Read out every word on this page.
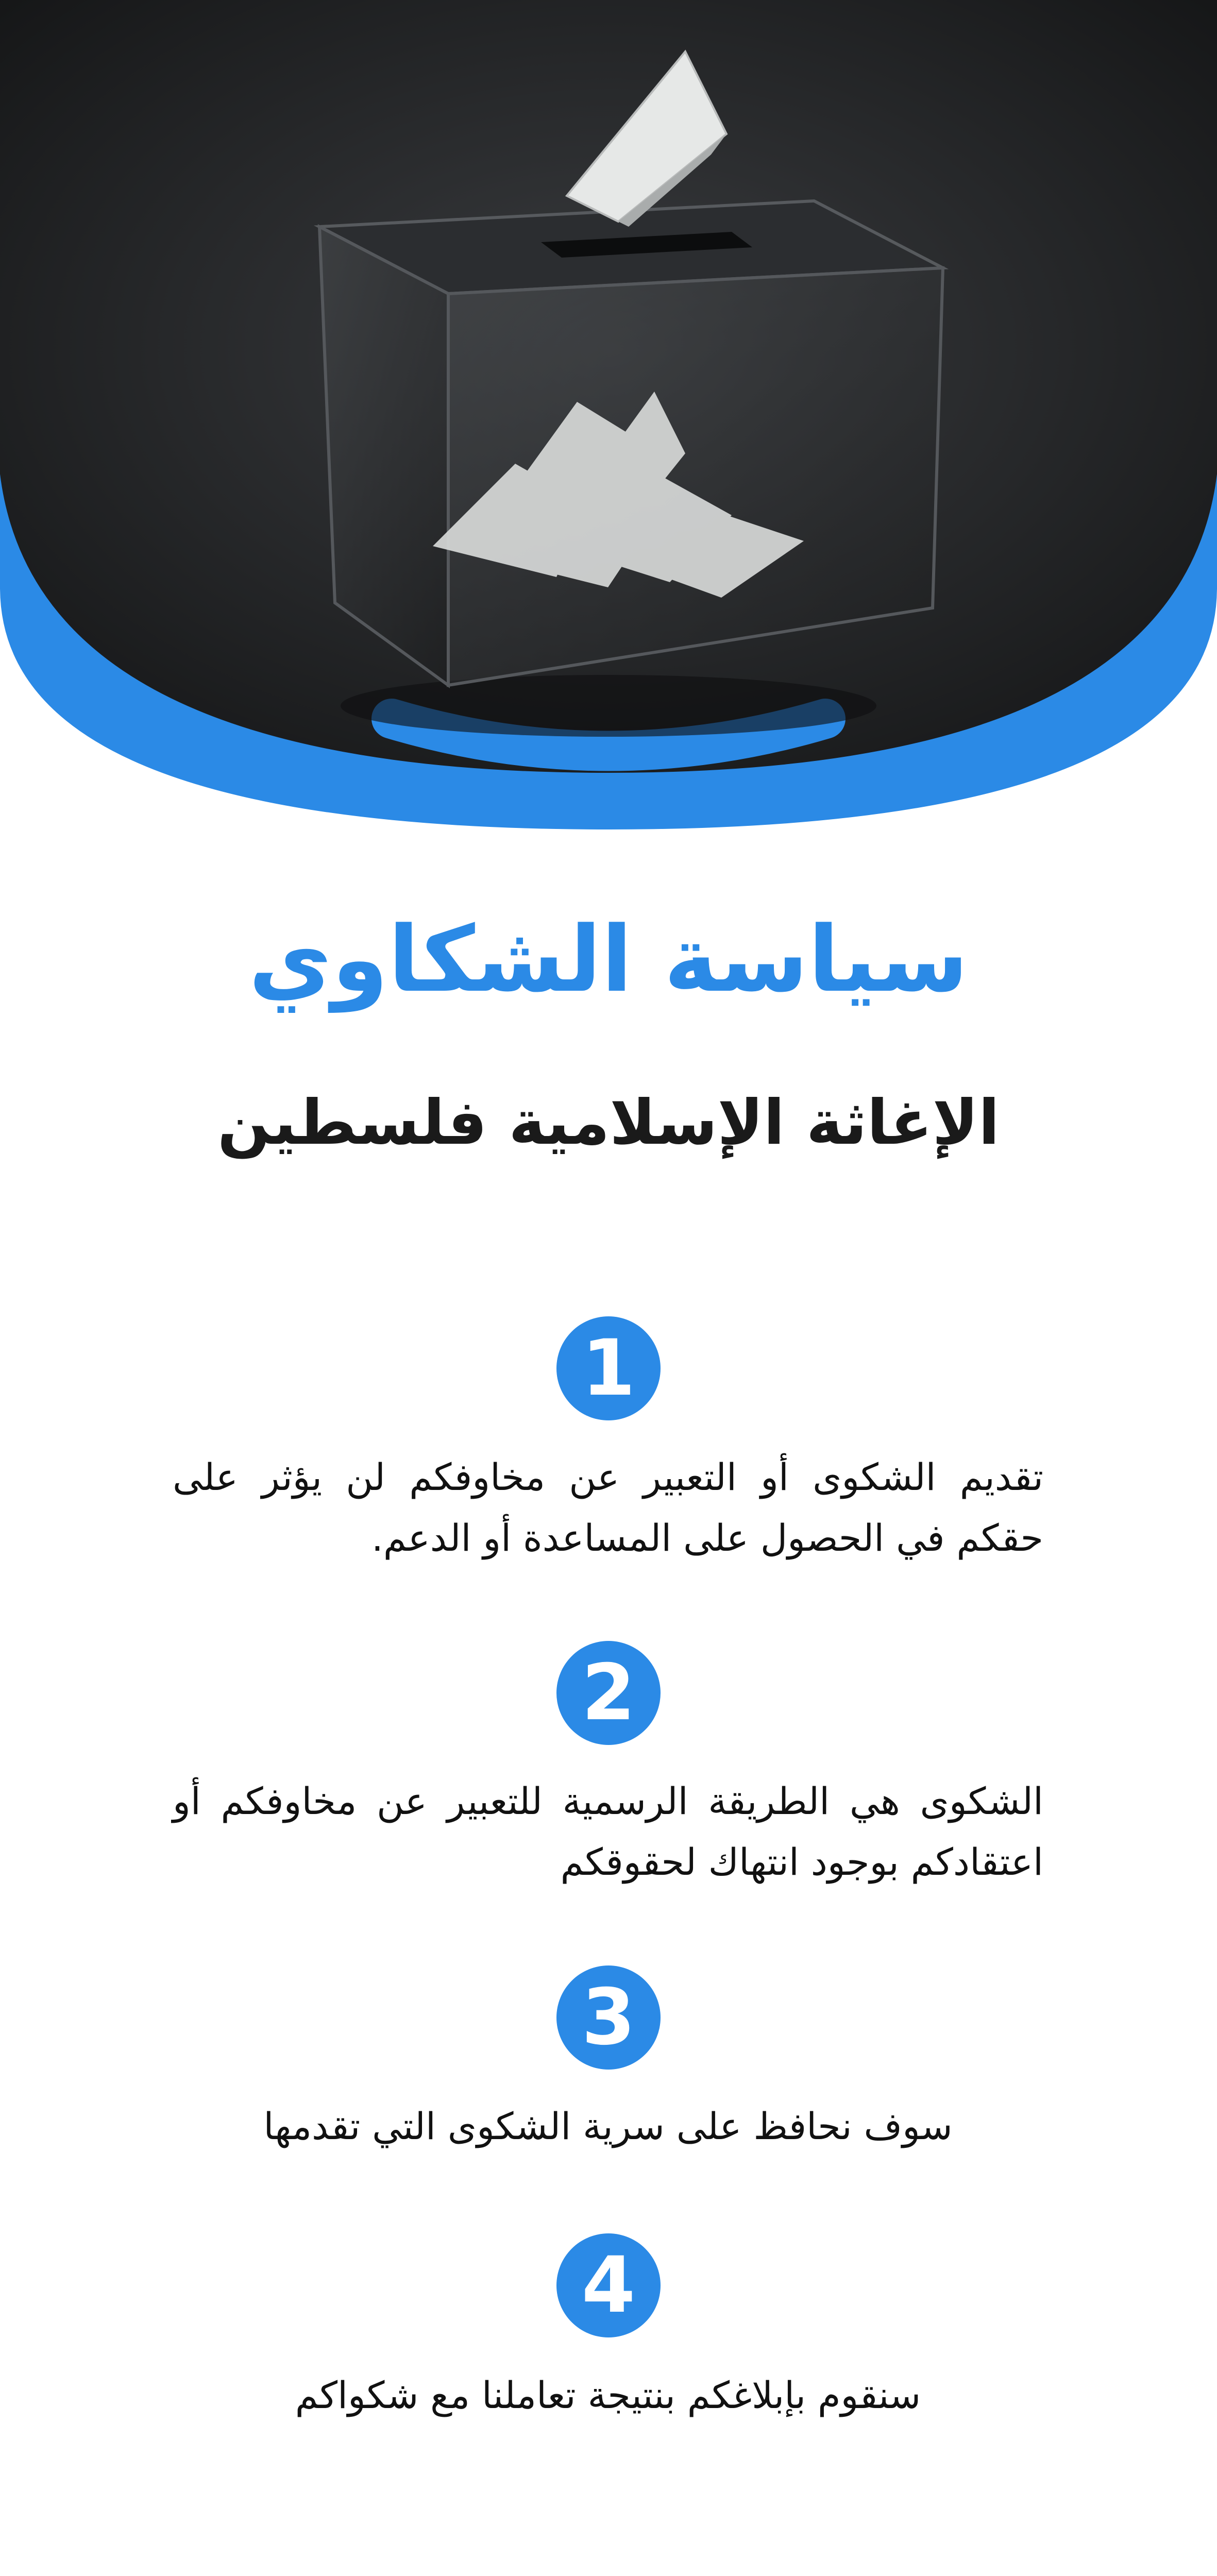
سياسة الشكاوي
الإغاثة الإسلامية فلسطين
1

تقديم الشكوى أو التعبير عن مخاوفكم لن يؤثر على حقكم في الحصول على المساعدة أو الدعم.

2

الشكوى هي الطريقة الرسمية للتعبير عن مخاوفكم أو اعتقادكم بوجود انتهاك لحقوقكم

3

سوف نحافظ على سرية الشكوى التي تقدمها

4

سنقوم بإبلاغكم بنتيجة تعاملنا مع شكواكم
